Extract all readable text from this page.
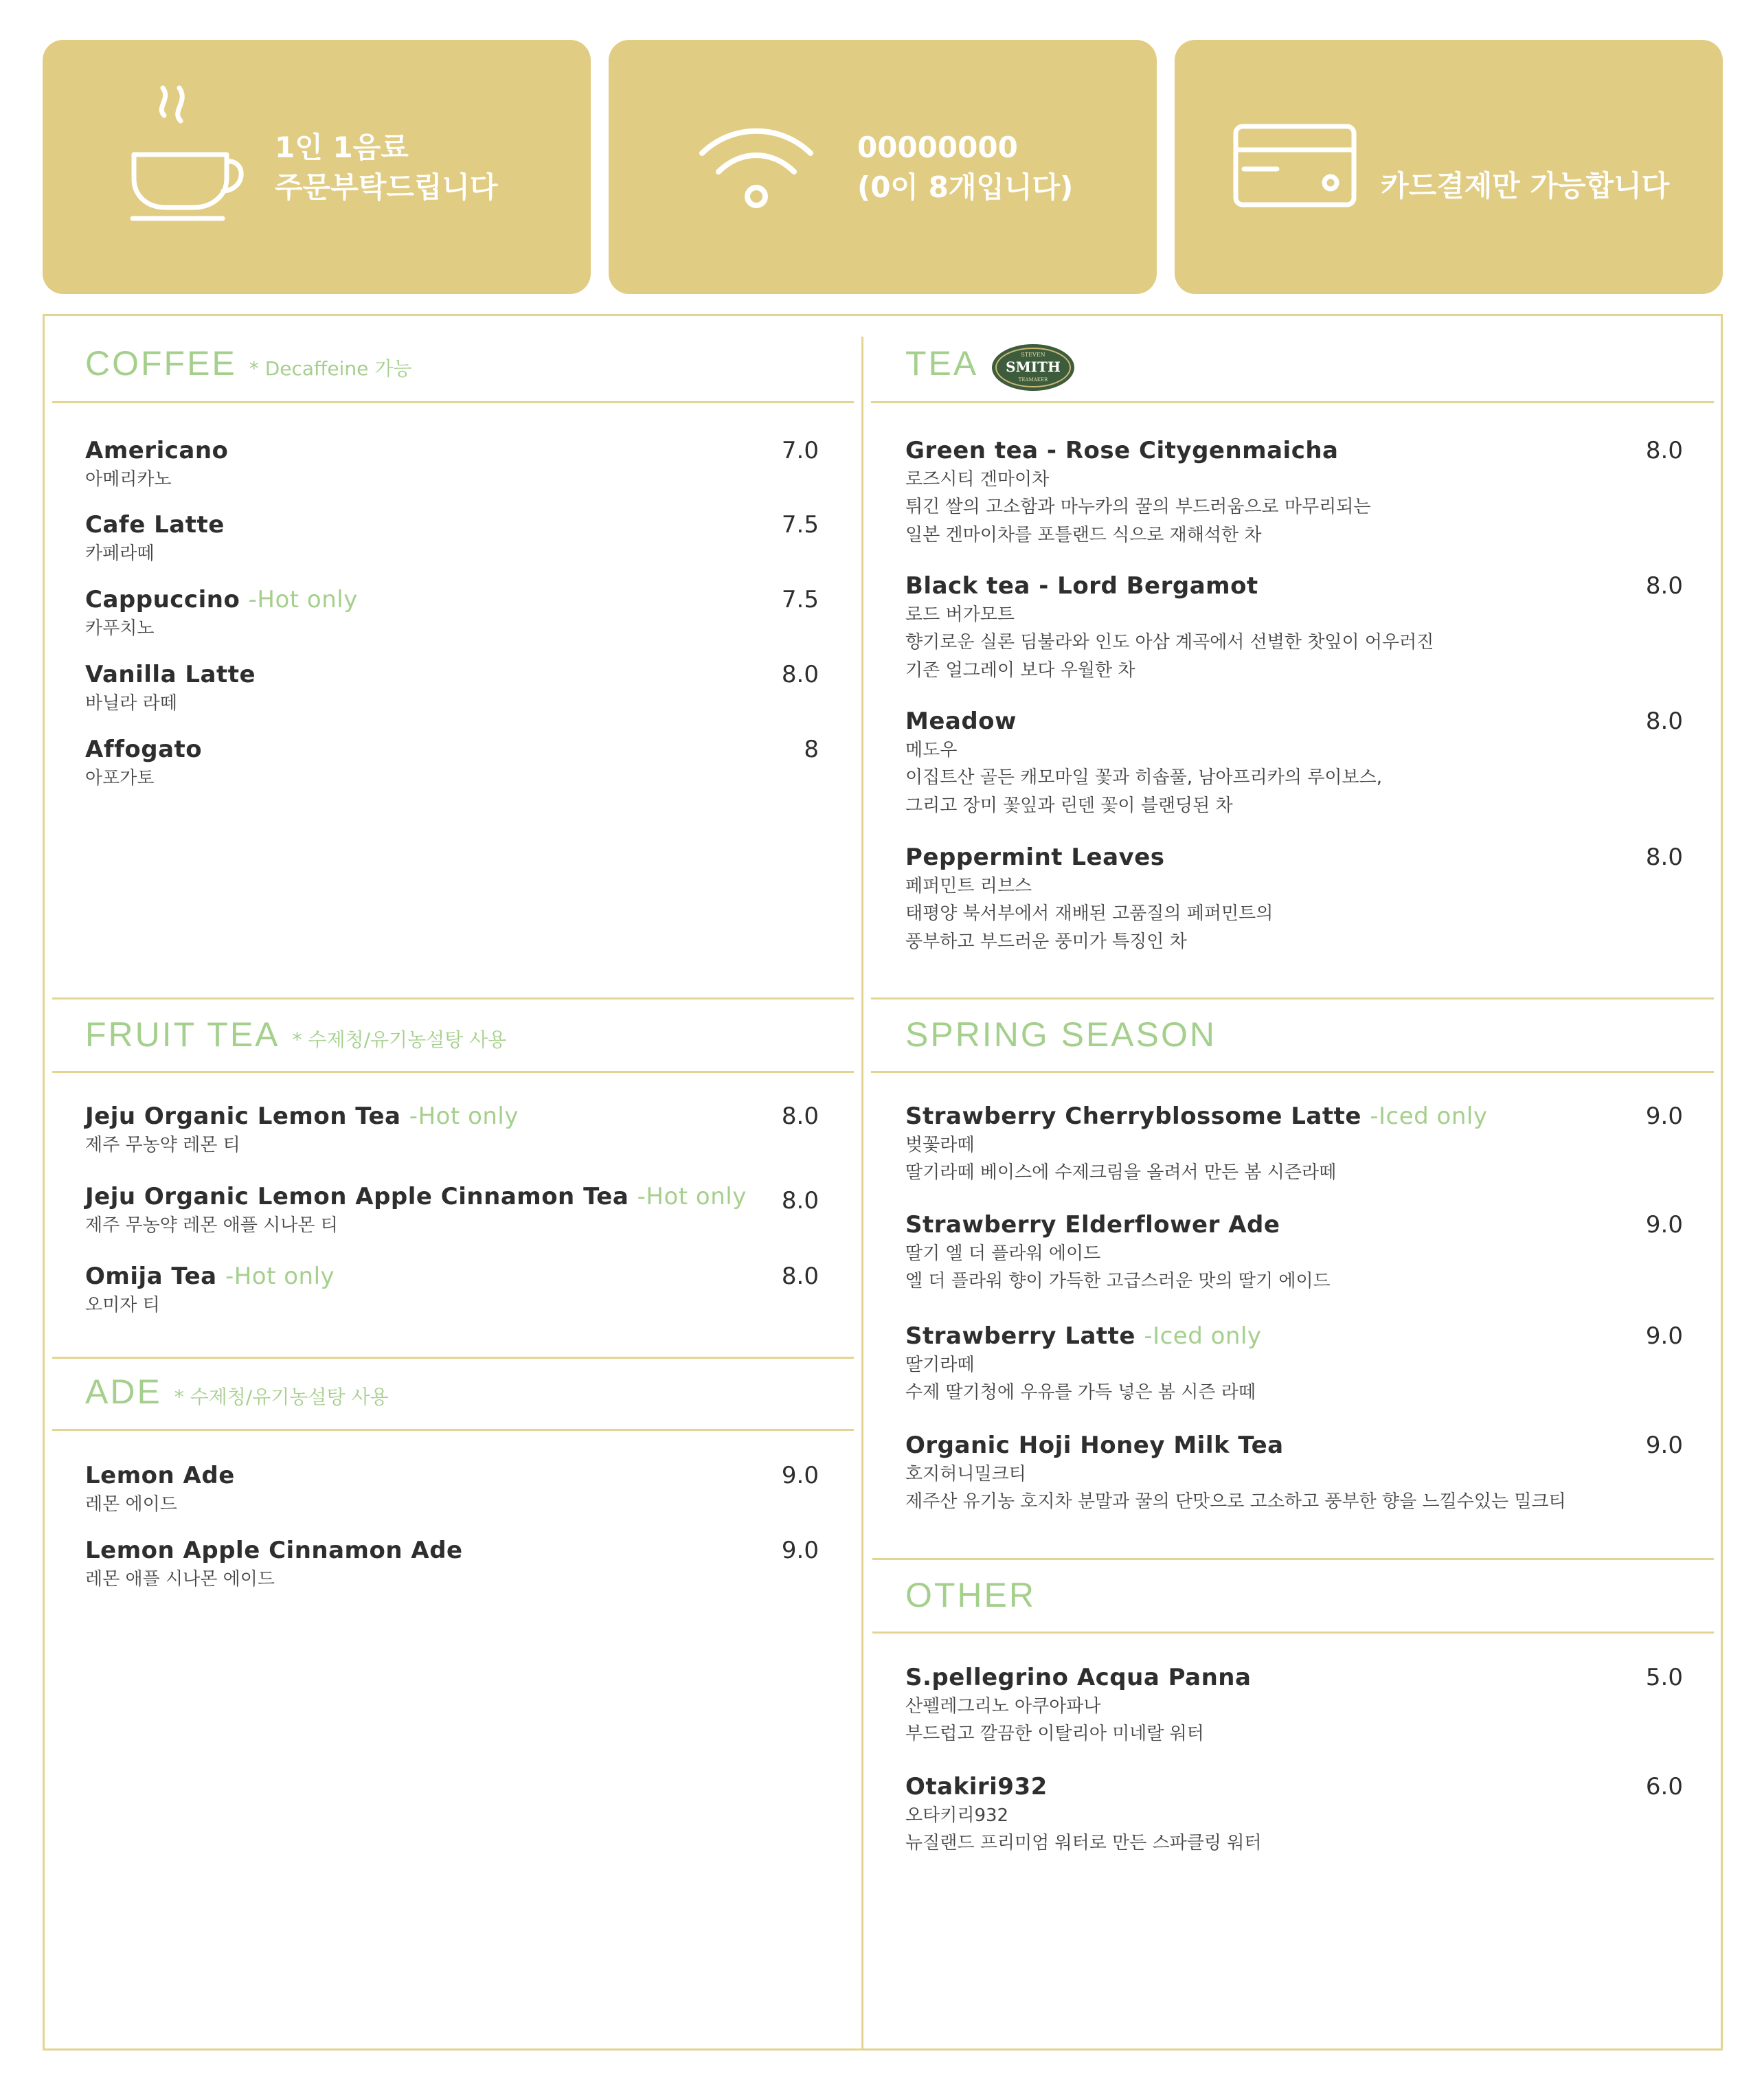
1인 1음료
주문부탁드립니다
00000000
(0이 8개입니다)	카드결제만 가능합니다
COFFEE * Decaffeine 가능
Americano
아메리카노
7.0
Cafe Latte
카페라떼
7.5
Cappuccino -Hot only
카푸치노
7.5
Vanilla Latte
바닐라 라떼
8.0
Affogato
아포가토
8
FRUIT TEA * 수제청/유기농설탕 사용
Jeju Organic Lemon Tea -Hot only
제주 무농약 레몬 티
8.0
Jeju Organic Lemon Apple Cinnamon Tea -Hot only
제주 무농약 레몬 애플 시나몬 티
8.0
Omija Tea -Hot only
오미자 티
8.0
ADE * 수제청/유기농설탕 사용
Lemon Ade
레몬 에이드
9.0
Lemon Apple Cinnamon Ade
레몬 애플 시나몬 에이드
9.0
TEA	STEVEN
SMITH
TEAMAKER
Green tea - Rose Citygenmaicha
로즈시티 겐마이차
튀긴 쌀의 고소함과 마누카의 꿀의 부드러움으로 마무리되는
일본 겐마이차를 포틀랜드 식으로 재해석한 차
8.0
Black tea - Lord Bergamot
로드 버가모트
향기로운 실론 딤불라와 인도 아삼 계곡에서 선별한 찻잎이 어우러진
기존 얼그레이 보다 우월한 차
8.0
Meadow
메도우
이집트산 골든 캐모마일 꽃과 히솝풀, 남아프리카의 루이보스,
그리고 장미 꽃잎과 린덴 꽃이 블랜딩된 차
8.0
Peppermint Leaves
페퍼민트 리브스
태평양 북서부에서 재배된 고품질의 페퍼민트의
풍부하고 부드러운 풍미가 특징인 차
8.0
SPRING SEASON
Strawberry Cherryblossome Latte -Iced only
벚꽃라떼
딸기라떼 베이스에 수제크림을 올려서 만든 봄 시즌라떼
9.0
Strawberry Elderflower Ade
딸기 엘 더 플라워 에이드
엘 더 플라워 향이 가득한 고급스러운 맛의 딸기 에이드
9.0
Strawberry Latte -Iced only
딸기라떼
수제 딸기청에 우유를 가득 넣은 봄 시즌 라떼
9.0
Organic Hoji Honey Milk Tea
호지허니밀크티
제주산 유기농 호지차 분말과 꿀의 단맛으로 고소하고 풍부한 향을 느낄수있는 밀크티
9.0
OTHER
S.pellegrino Acqua Panna
산펠레그리노 아쿠아파나
부드럽고 깔끔한 이탈리아 미네랄 워터
5.0
Otakiri932
오타키리932
뉴질랜드 프리미엄 워터로 만든 스파클링 워터
6.0
